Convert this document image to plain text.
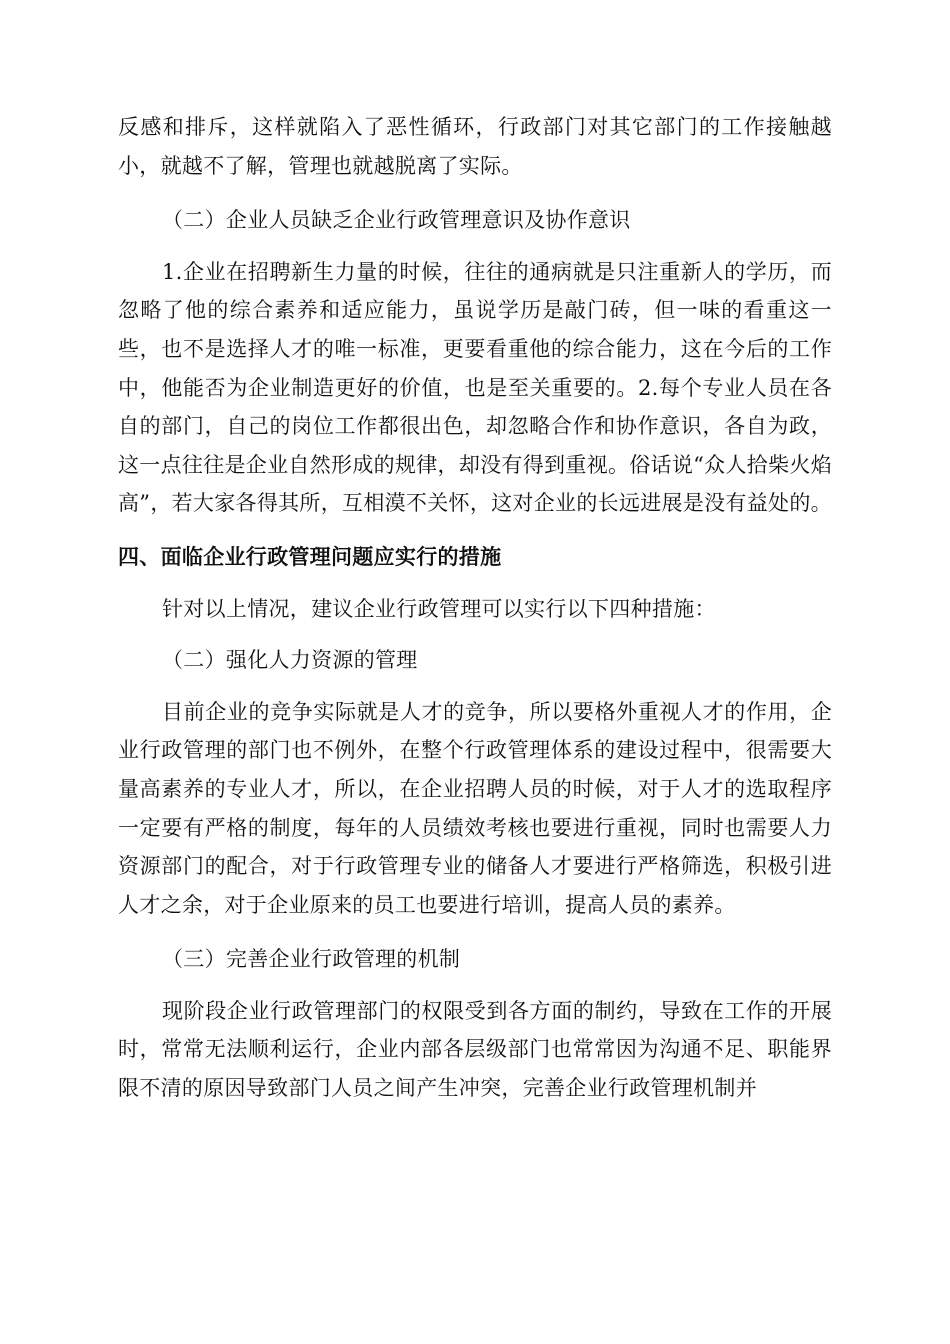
反感和排斥，这样就陷入了恶性循环，行政部门对其它部门的工作接触越小，就越不了解，管理也就越脱离了实际。

（二）企业人员缺乏企业行政管理意识及协作意识

1.企业在招聘新生力量的时候，往往的通病就是只注重新人的学历，而忽略了他的综合素养和适应能力，虽说学历是敲门砖，但一味的看重这一些，也不是选择人才的唯一标准，更要看重他的综合能力，这在今后的工作中，他能否为企业制造更好的价值，也是至关重要的。2.每个专业人员在各自的部门，自己的岗位工作都很出色，却忽略合作和协作意识，各自为政，这一点往往是企业自然形成的规律，却没有得到重视。俗话说“众人拾柴火焰高”，若大家各得其所，互相漠不关怀，这对企业的长远进展是没有益处的。

四、面临企业行政管理问题应实行的措施

针对以上情况，建议企业行政管理可以实行以下四种措施：

（二）强化人力资源的管理

目前企业的竞争实际就是人才的竞争，所以要格外重视人才的作用，企业行政管理的部门也不例外，在整个行政管理体系的建设过程中，很需要大量高素养的专业人才，所以，在企业招聘人员的时候，对于人才的选取程序一定要有严格的制度，每年的人员绩效考核也要进行重视，同时也需要人力资源部门的配合，对于行政管理专业的储备人才要进行严格筛选，积极引进人才之余，对于企业原来的员工也要进行培训，提高人员的素养。

（三）完善企业行政管理的机制

现阶段企业行政管理部门的权限受到各方面的制约，导致在工作的开展时，常常无法顺利运行，企业内部各层级部门也常常因为沟通不足、职能界限不清的原因导致部门人员之间产生冲突，完善企业行政管理机制并
